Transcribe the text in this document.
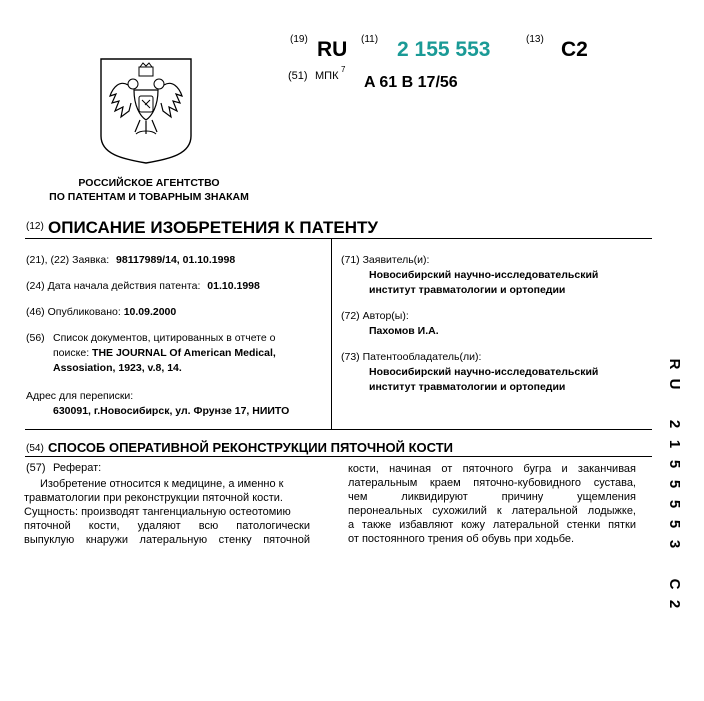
(19) RU (11) 2 155 553	(13) C2
(51) МПК
7
A 61 B 17/56
РОССИЙСКОЕ АГЕНТСТВО
ПО ПАТЕНТАМ И ТОВАРНЫМ ЗНАКАМ
(12) ОПИСАНИЕ ИЗОБРЕТЕНИЯ К ПАТЕНТУ
(21), (22) Заявка: 98117989/14, 01.10.1998
(24) Дата начала действия патента: 01.10.1998
(46) Опубликовано: 10.09.2000
(56) Список документов, цитированных в отчете о
поиске: THE JOURNAL Of American Medical,
Assosiation, 1923, v.8, 14.
Адрес для переписки:
630091, г.Новосибирск, ул. Фрунзе 17, НИИТО
(71) Заявитель(и):
Новосибирский научно-исследовательский
институт травматологии и ортопедии
(72) Автор(ы):
Пахомов И.А.
(73) Патентообладатель(ли):
Новосибирский научно-исследовательский
институт травматологии и ортопедии
(54) СПОСОБ ОПЕРАТИВНОЙ РЕКОНСТРУКЦИИ ПЯТОЧНОЙ КОСТИ
(57) Реферат:
Изобретение относится к медицине, а именно к
травматологии при реконструкции пяточной кости.
Сущность: производят тангенциальную остеотомию
пяточной кости, удаляют всю патологически
выпуклую кнаружи латеральную стенку пяточной
кости, начиная от пяточного бугра и заканчивая
латеральным краем пяточно-кубовидного сустава,
чем ликвидируют причину ущемления
перонеальных сухожилий к латеральной лодыжке,
а также избавляют кожу латеральной стенки пятки
от постоянного трения об обувь при ходьбе.
R
U
2
1
5
5
5
5
3
C
2
